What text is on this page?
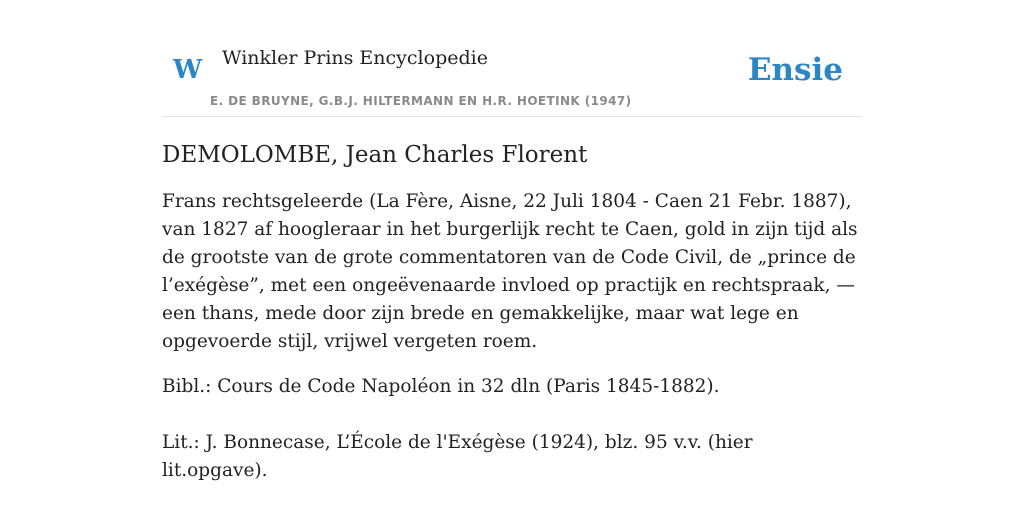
W Winkler Prins Encyclopedie
E. DE BRUYNE, G.B.J. HILTERMANN EN H.R. HOETINK (1947)
Ensie
DEMOLOMBE, Jean Charles Florent

Frans rechtsgeleerde (La Fère, Aisne, 22 Juli 1804 - Caen 21 Febr. 1887), van 1827 af hoogleraar in het burgerlijk recht te Caen, gold in zijn tijd als de grootste van de grote commentatoren van de Code Civil, de „prince de l’exégèse”, met een ongeëvenaarde invloed op practijk en rechtspraak, — een thans, mede door zijn brede en gemakkelijke, maar wat lege en opgevoerde stijl, vrijwel vergeten roem.

Bibl.: Cours de Code Napoléon in 32 dln (Paris 1845-1882).

Lit.: J. Bonnecase, L’École de l'Exégèse (1924), blz. 95 v.v. (hier lit.opgave).
